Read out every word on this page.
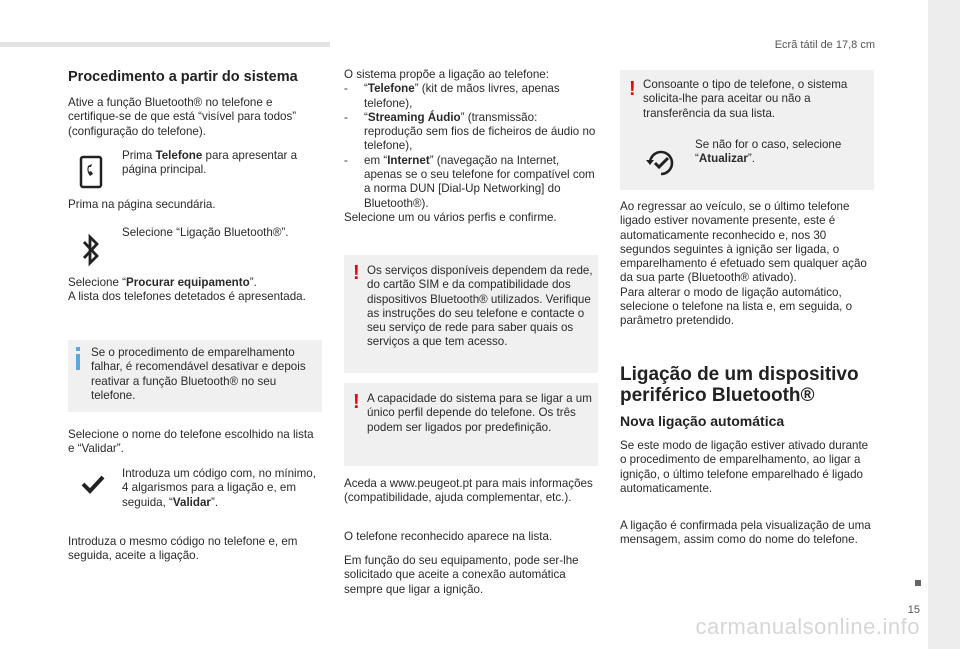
Ecrã tátil de 17,8 cm
15
carmanualsonline.info
Procedimento a partir do sistema

Ative a função Bluetooth® no telefone e certifique-se de que está “visível para todos” (configuração do telefone).

Prima Telefone para apresentar a página principal.

Prima na página secundária.

Selecione “Ligação Bluetooth®”.

Selecione “Procurar equipamento”.

A lista dos telefones detetados é apresentada.

Se o procedimento de emparelhamento falhar, é recomendável desativar e depois reativar a função Bluetooth® no seu telefone.

Selecione o nome do telefone escolhido na lista e “Validar”.

Introduza um código com, no mínimo, 4 algarismos para a ligação e, em seguida, “Validar”.

Introduza o mesmo código no telefone e, em seguida, aceite a ligação.

O sistema propõe a ligação ao telefone:

- “Telefone” (kit de mãos livres, apenas telefone),
- “Streaming Áudio” (transmissão: reprodução sem fios de ficheiros de áudio no telefone),
- em “Internet” (navegação na Internet, apenas se o seu telefone for compatível com a norma DUN [Dial-Up Networking] do Bluetooth®).

Selecione um ou vários perfis e confirme.

! Os serviços disponíveis dependem da rede, do cartão SIM e da compatibilidade dos dispositivos Bluetooth® utilizados. Verifique as instruções do seu telefone e contacte o seu serviço de rede para saber quais os serviços a que tem acesso.

! A capacidade do sistema para se ligar a um único perfil depende do telefone. Os três podem ser ligados por predefinição.

Aceda a www.peugeot.pt para mais informações (compatibilidade, ajuda complementar, etc.).

O telefone reconhecido aparece na lista.

Em função do seu equipamento, pode ser-lhe solicitado que aceite a conexão automática sempre que ligar a ignição.

! Consoante o tipo de telefone, o sistema solicita-lhe para aceitar ou não a transferência da sua lista.

Se não for o caso, selecione “Atualizar”.

Ao regressar ao veículo, se o último telefone ligado estiver novamente presente, este é automaticamente reconhecido e, nos 30 segundos seguintes à ignição ser ligada, o emparelhamento é efetuado sem qualquer ação da sua parte (Bluetooth® ativado).

Para alterar o modo de ligação automático, selecione o telefone na lista e, em seguida, o parâmetro pretendido.

Ligação de um dispositivo
periférico Bluetooth®
Nova ligação automática

Se este modo de ligação estiver ativado durante o procedimento de emparelhamento, ao ligar a ignição, o último telefone emparelhado é ligado automaticamente.

A ligação é confirmada pela visualização de uma mensagem, assim como do nome do telefone.
